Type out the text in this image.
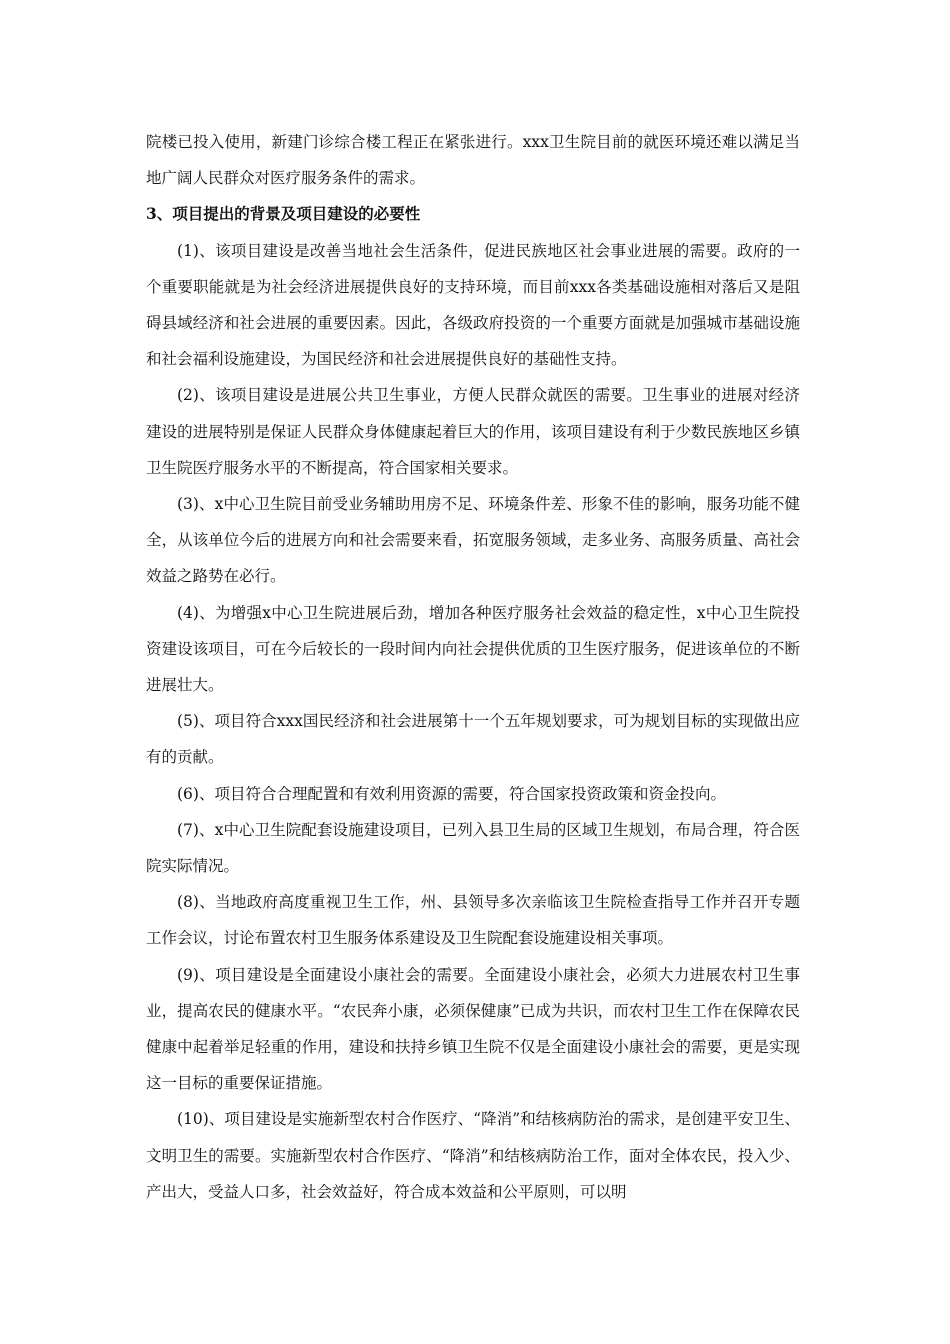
院楼已投入使用，新建门诊综合楼工程正在紧张进行。xxx卫生院目前的就医环境还难以满足当地广阔人民群众对医疗服务条件的需求。

3、项目提出的背景及项目建设的必要性

(1)、该项目建设是改善当地社会生活条件，促进民族地区社会事业进展的需要。政府的一个重要职能就是为社会经济进展提供良好的支持环境，而目前xxx各类基础设施相对落后又是阻碍县域经济和社会进展的重要因素。因此，各级政府投资的一个重要方面就是加强城市基础设施和社会福利设施建设，为国民经济和社会进展提供良好的基础性支持。

(2)、该项目建设是进展公共卫生事业，方便人民群众就医的需要。卫生事业的进展对经济建设的进展特别是保证人民群众身体健康起着巨大的作用，该项目建设有利于少数民族地区乡镇卫生院医疗服务水平的不断提高，符合国家相关要求。

(3)、x中心卫生院目前受业务辅助用房不足、环境条件差、形象不佳的影响，服务功能不健全，从该单位今后的进展方向和社会需要来看，拓宽服务领域，走多业务、高服务质量、高社会效益之路势在必行。

(4)、为增强x中心卫生院进展后劲，增加各种医疗服务社会效益的稳定性，x中心卫生院投资建设该项目，可在今后较长的一段时间内向社会提供优质的卫生医疗服务，促进该单位的不断进展壮大。

(5)、项目符合xxx国民经济和社会进展第十一个五年规划要求，可为规划目标的实现做出应有的贡献。

(6)、项目符合合理配置和有效利用资源的需要，符合国家投资政策和资金投向。

(7)、x中心卫生院配套设施建设项目，已列入县卫生局的区域卫生规划，布局合理，符合医院实际情况。

(8)、当地政府高度重视卫生工作，州、县领导多次亲临该卫生院检查指导工作并召开专题工作会议，讨论布置农村卫生服务体系建设及卫生院配套设施建设相关事项。

(9)、项目建设是全面建设小康社会的需要。全面建设小康社会，必须大力进展农村卫生事业，提高农民的健康水平。“农民奔小康，必须保健康”已成为共识，而农村卫生工作在保障农民健康中起着举足轻重的作用，建设和扶持乡镇卫生院不仅是全面建设小康社会的需要，更是实现这一目标的重要保证措施。

(10)、项目建设是实施新型农村合作医疗、“降消”和结核病防治的需求，是创建平安卫生、文明卫生的需要。实施新型农村合作医疗、“降消”和结核病防治工作，面对全体农民，投入少、产出大，受益人口多，社会效益好，符合成本效益和公平原则，可以明
